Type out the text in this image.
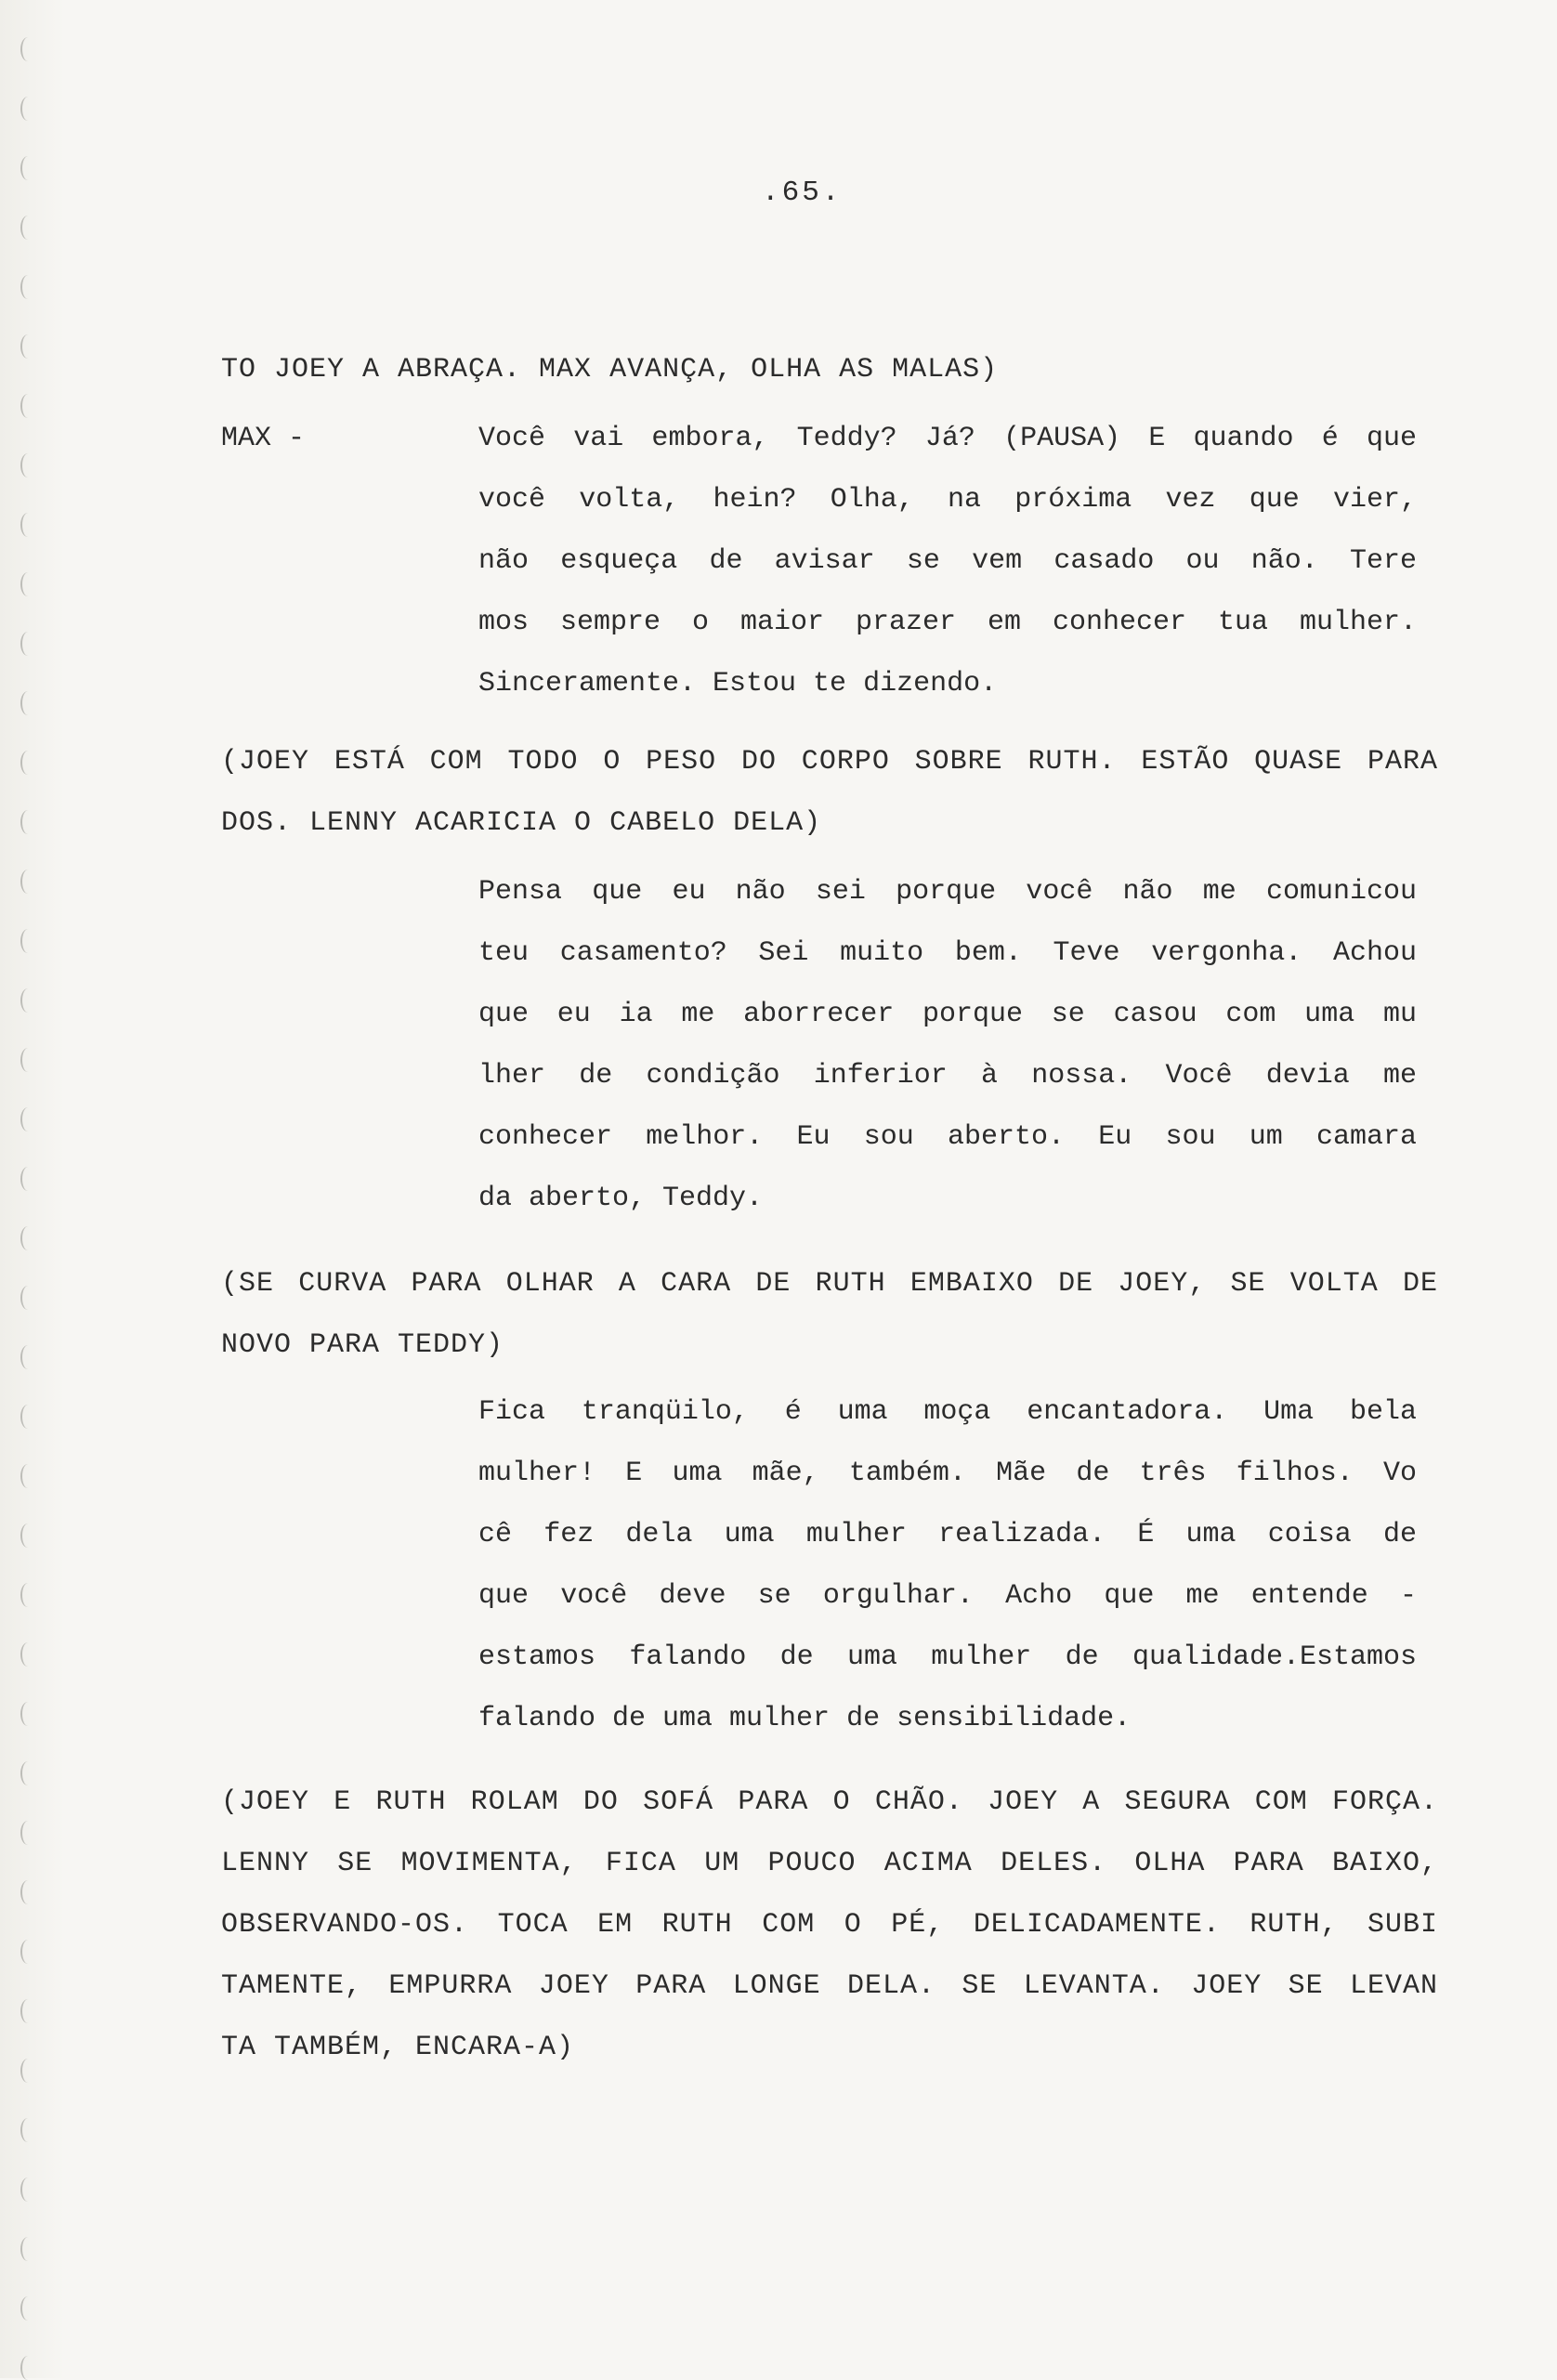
.65.
TO JOEY A ABRAÇA. MAX AVANÇA, OLHA AS MALAS)
MAX -	Você vai embora, Teddy? Já? (PAUSA) E quando é que
você volta, hein? Olha, na próxima vez que vier,
não esqueça de avisar se vem casado ou não. Tere
mos sempre o maior prazer em conhecer tua mulher.
Sinceramente. Estou te dizendo.
(JOEY ESTÁ COM TODO O PESO DO CORPO SOBRE RUTH. ESTÃO QUASE PARA
DOS. LENNY ACARICIA O CABELO DELA)
Pensa que eu não sei porque você não me comunicou
teu casamento? Sei muito bem. Teve vergonha. Achou
que eu ia me aborrecer porque se casou com uma mu
lher de condição inferior à nossa. Você devia me
conhecer melhor. Eu sou aberto. Eu sou um camara
da aberto, Teddy.
(SE CURVA PARA OLHAR A CARA DE RUTH EMBAIXO DE JOEY, SE VOLTA DE
NOVO PARA TEDDY)
Fica tranqüilo, é uma moça encantadora. Uma bela
mulher! E uma mãe, também. Mãe de três filhos. Vo
cê fez dela uma mulher realizada. É uma coisa de
que você deve se orgulhar. Acho que me entende -
estamos falando de uma mulher de qualidade.Estamos
falando de uma mulher de sensibilidade.
(JOEY E RUTH ROLAM DO SOFÁ PARA O CHÃO. JOEY A SEGURA COM FORÇA.
LENNY SE MOVIMENTA, FICA UM POUCO ACIMA DELES. OLHA PARA BAIXO,
OBSERVANDO-OS. TOCA EM RUTH COM O PÉ, DELICADAMENTE. RUTH, SUBI
TAMENTE, EMPURRA JOEY PARA LONGE DELA. SE LEVANTA. JOEY SE LEVAN
TA TAMBÉM, ENCARA-A)
